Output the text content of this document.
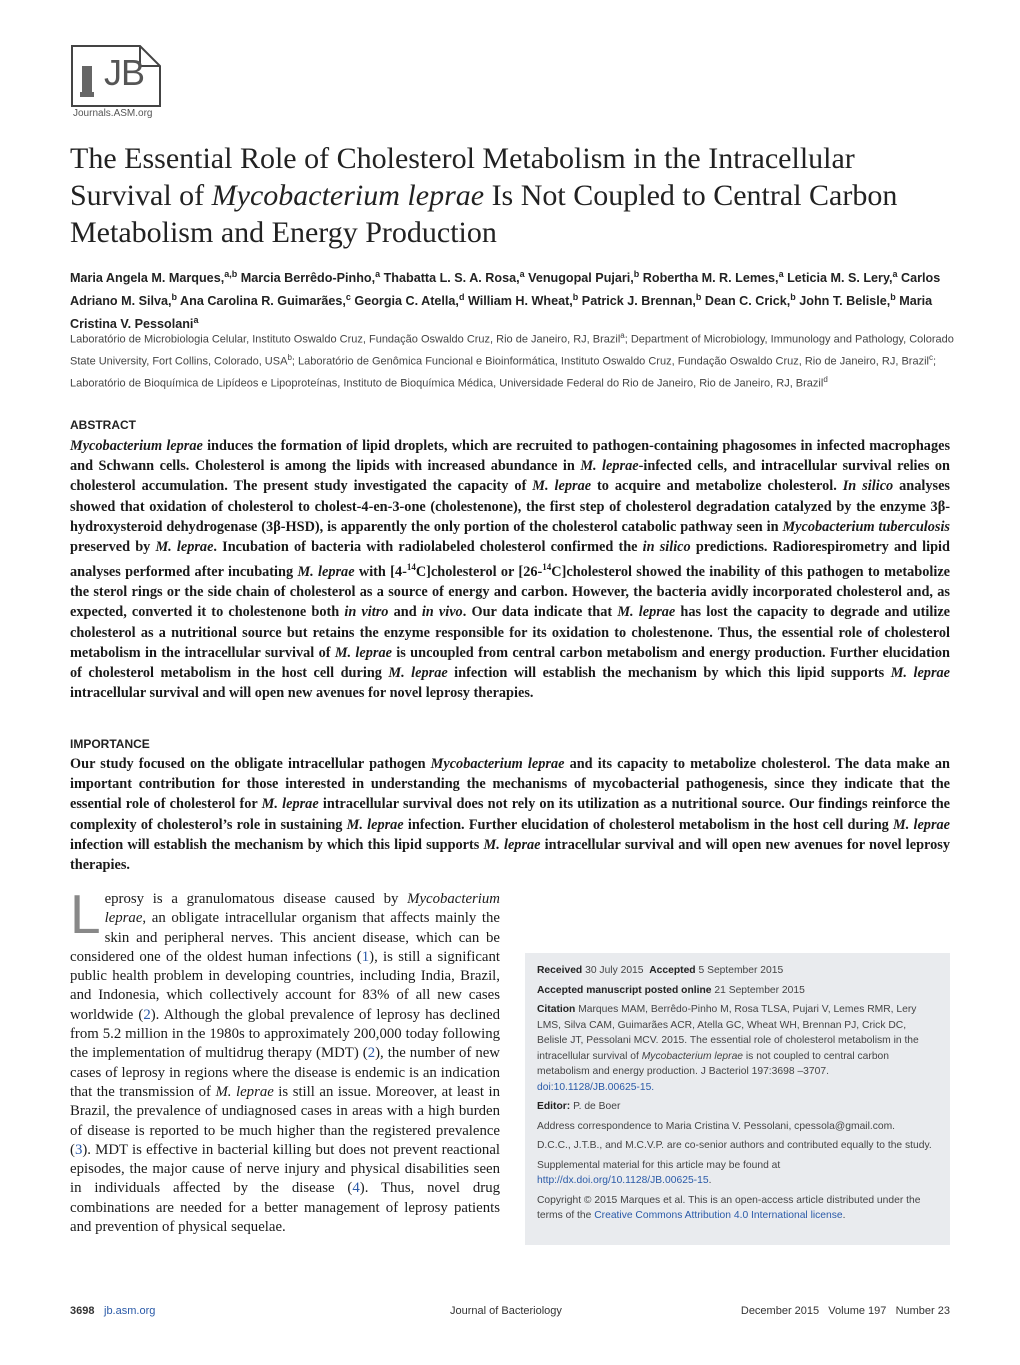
JB
Journals.ASM.org
The Essential Role of Cholesterol Metabolism in the Intracellular
Survival of Mycobacterium leprae Is Not Coupled to Central Carbon
Metabolism and Energy Production
Maria Angela M. Marques,$^{a,b}$ Marcia Berrêdo-Pinho,$^a$ Thabatta L. S. A. Rosa,$^a$ Venugopal Pujari,$^b$ Robertha M. R. Lemes,$^a$ Leticia M. S. Lery,$^a$ Carlos Adriano M. Silva,$^b$ Ana Carolina R. Guimarães,$^c$ Georgia C. Atella,$^d$ William H. Wheat,$^b$ Patrick J. Brennan,$^b$ Dean C. Crick,$^b$ John T. Belisle,$^b$ Maria Cristina V. Pessolani$^a$
Laboratório de Microbiologia Celular, Instituto Oswaldo Cruz, Fundação Oswaldo Cruz, Rio de Janeiro, RJ, Brazil$^a$; Department of Microbiology, Immunology and Pathology, Colorado State University, Fort Collins, Colorado, USA$^b$; Laboratório de Genômica Funcional e Bioinformática, Instituto Oswaldo Cruz, Fundação Oswaldo Cruz, Rio de Janeiro, RJ, Brazil$^c$; Laboratório de Bioquímica de Lipídeos e Lipoproteínas, Instituto de Bioquímica Médica, Universidade Federal do Rio de Janeiro, Rio de Janeiro, RJ, Brazil$^d$
ABSTRACT
Mycobacterium leprae induces the formation of lipid droplets, which are recruited to pathogen-containing phagosomes in infected macrophages and Schwann cells. Cholesterol is among the lipids with increased abundance in M. leprae-infected cells, and intracellular survival relies on cholesterol accumulation. The present study investigated the capacity of M. leprae to acquire and metabolize cholesterol. In silico analyses showed that oxidation of cholesterol to cholest-4-en-3-one (cholestenone), the first step of cholesterol degradation catalyzed by the enzyme 3β-hydroxysteroid dehydrogenase (3β-HSD), is apparently the only portion of the cholesterol catabolic pathway seen in Mycobacterium tuberculosis preserved by M. leprae. Incubation of bacteria with radiolabeled cholesterol confirmed the in silico predictions. Radiorespirometry and lipid analyses performed after incubating M. leprae with [4-$^{14}$C]cholesterol or [26-$^{14}$C]cholesterol showed the inability of this pathogen to metabolize the sterol rings or the side chain of cholesterol as a source of energy and carbon. However, the bacteria avidly incorporated cholesterol and, as expected, converted it to cholestenone both in vitro and in vivo. Our data indicate that M. leprae has lost the capacity to degrade and utilize cholesterol as a nutritional source but retains the enzyme responsible for its oxidation to cholestenone. Thus, the essential role of cholesterol metabolism in the intracellular survival of M. leprae is uncoupled from central carbon metabolism and energy production. Further elucidation of cholesterol metabolism in the host cell during M. leprae infection will establish the mechanism by which this lipid supports M. leprae intracellular survival and will open new avenues for novel leprosy therapies.
IMPORTANCE
Our study focused on the obligate intracellular pathogen Mycobacterium leprae and its capacity to metabolize cholesterol. The data make an important contribution for those interested in understanding the mechanisms of mycobacterial pathogenesis, since they indicate that the essential role of cholesterol for M. leprae intracellular survival does not rely on its utilization as a nutritional source. Our findings reinforce the complexity of cholesterol’s role in sustaining M. leprae infection. Further elucidation of cholesterol metabolism in the host cell during M. leprae infection will establish the mechanism by which this lipid supports M. leprae intracellular survival and will open new avenues for novel leprosy therapies.
Leprosy is a granulomatous disease caused by Mycobacterium leprae, an obligate intracellular organism that affects mainly the skin and peripheral nerves. This ancient disease, which can be considered one of the oldest human infections (1), is still a significant public health problem in developing countries, including India, Brazil, and Indonesia, which collectively account for 83% of all new cases worldwide (2). Although the global prevalence of leprosy has declined from 5.2 million in the 1980s to approximately 200,000 today following the implementation of multidrug therapy (MDT) (2), the number of new cases of leprosy in regions where the disease is endemic is an indication that the transmission of M. leprae is still an issue. Moreover, at least in Brazil, the prevalence of undiagnosed cases in areas with a high burden of disease is reported to be much higher than the registered prevalence (3). MDT is effective in bacterial killing but does not prevent reactional episodes, the major cause of nerve injury and physical disabilities seen in individuals affected by the disease (4). Thus, novel drug combinations are needed for a better management of leprosy patients and prevention of physical sequelae.
Received 30 July 2015 Accepted 5 September 2015
Accepted manuscript posted online 21 September 2015
Citation Marques MAM, Berrêdo-Pinho M, Rosa TLSA, Pujari V, Lemes RMR, Lery LMS, Silva CAM, Guimarães ACR, Atella GC, Wheat WH, Brennan PJ, Crick DC, Belisle JT, Pessolani MCV. 2015. The essential role of cholesterol metabolism in the intracellular survival of Mycobacterium leprae is not coupled to central carbon metabolism and energy production. J Bacteriol 197:3698 –3707.
doi:10.1128/JB.00625-15.
Editor: P. de Boer
Address correspondence to Maria Cristina V. Pessolani, cpessola@gmail.com.
D.C.C., J.T.B., and M.C.V.P. are co-senior authors and contributed equally to the study.
Supplemental material for this article may be found at http://dx.doi.org/10.1128/JB.00625-15.
Copyright © 2015 Marques et al. This is an open-access article distributed under the terms of the Creative Commons Attribution 4.0 International license.
3698 jb.asm.org	Journal of Bacteriology	December 2015   Volume 197   Number 23
